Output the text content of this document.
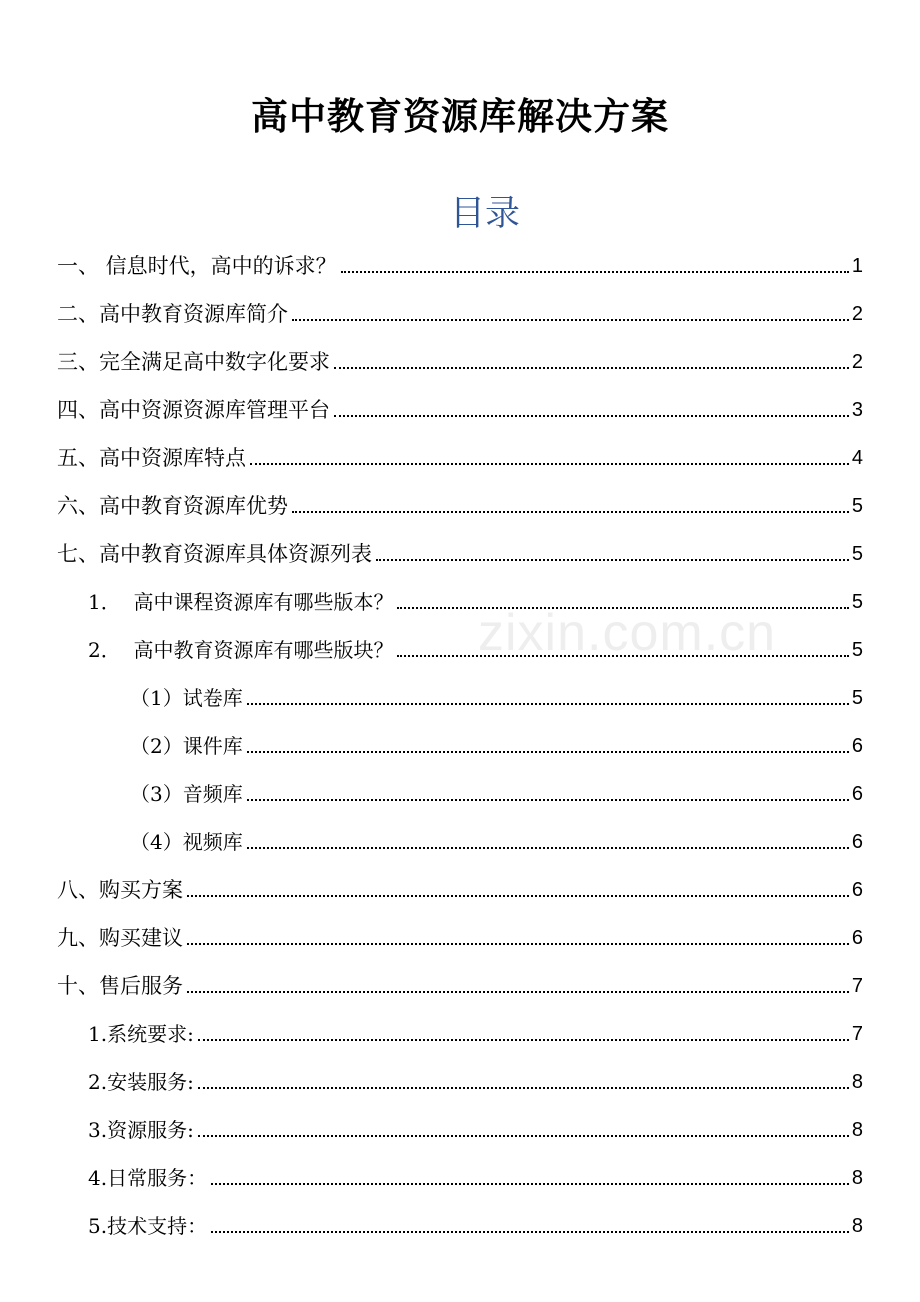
高中教育资源库解决方案
目录
zixin.com.cn
一、 信息时代，高中的诉求？	1
二、高中教育资源库简介	2
三、完全满足高中数字化要求	2
四、高中资源资源库管理平台	3
五、高中资源库特点	4
六、高中教育资源库优势	5
七、高中教育资源库具体资源列表	5
1．  高中课程资源库有哪些版本？	5
2．  高中教育资源库有哪些版块？	5
（1）试卷库	5
（2）课件库	6
（3）音频库	6
（4）视频库	6
八、购买方案	6
九、购买建议	6
十、售后服务	7
1.系统要求:	7
2.安装服务:	8
3.资源服务:	8
4.日常服务：	8
5.技术支持：	8
